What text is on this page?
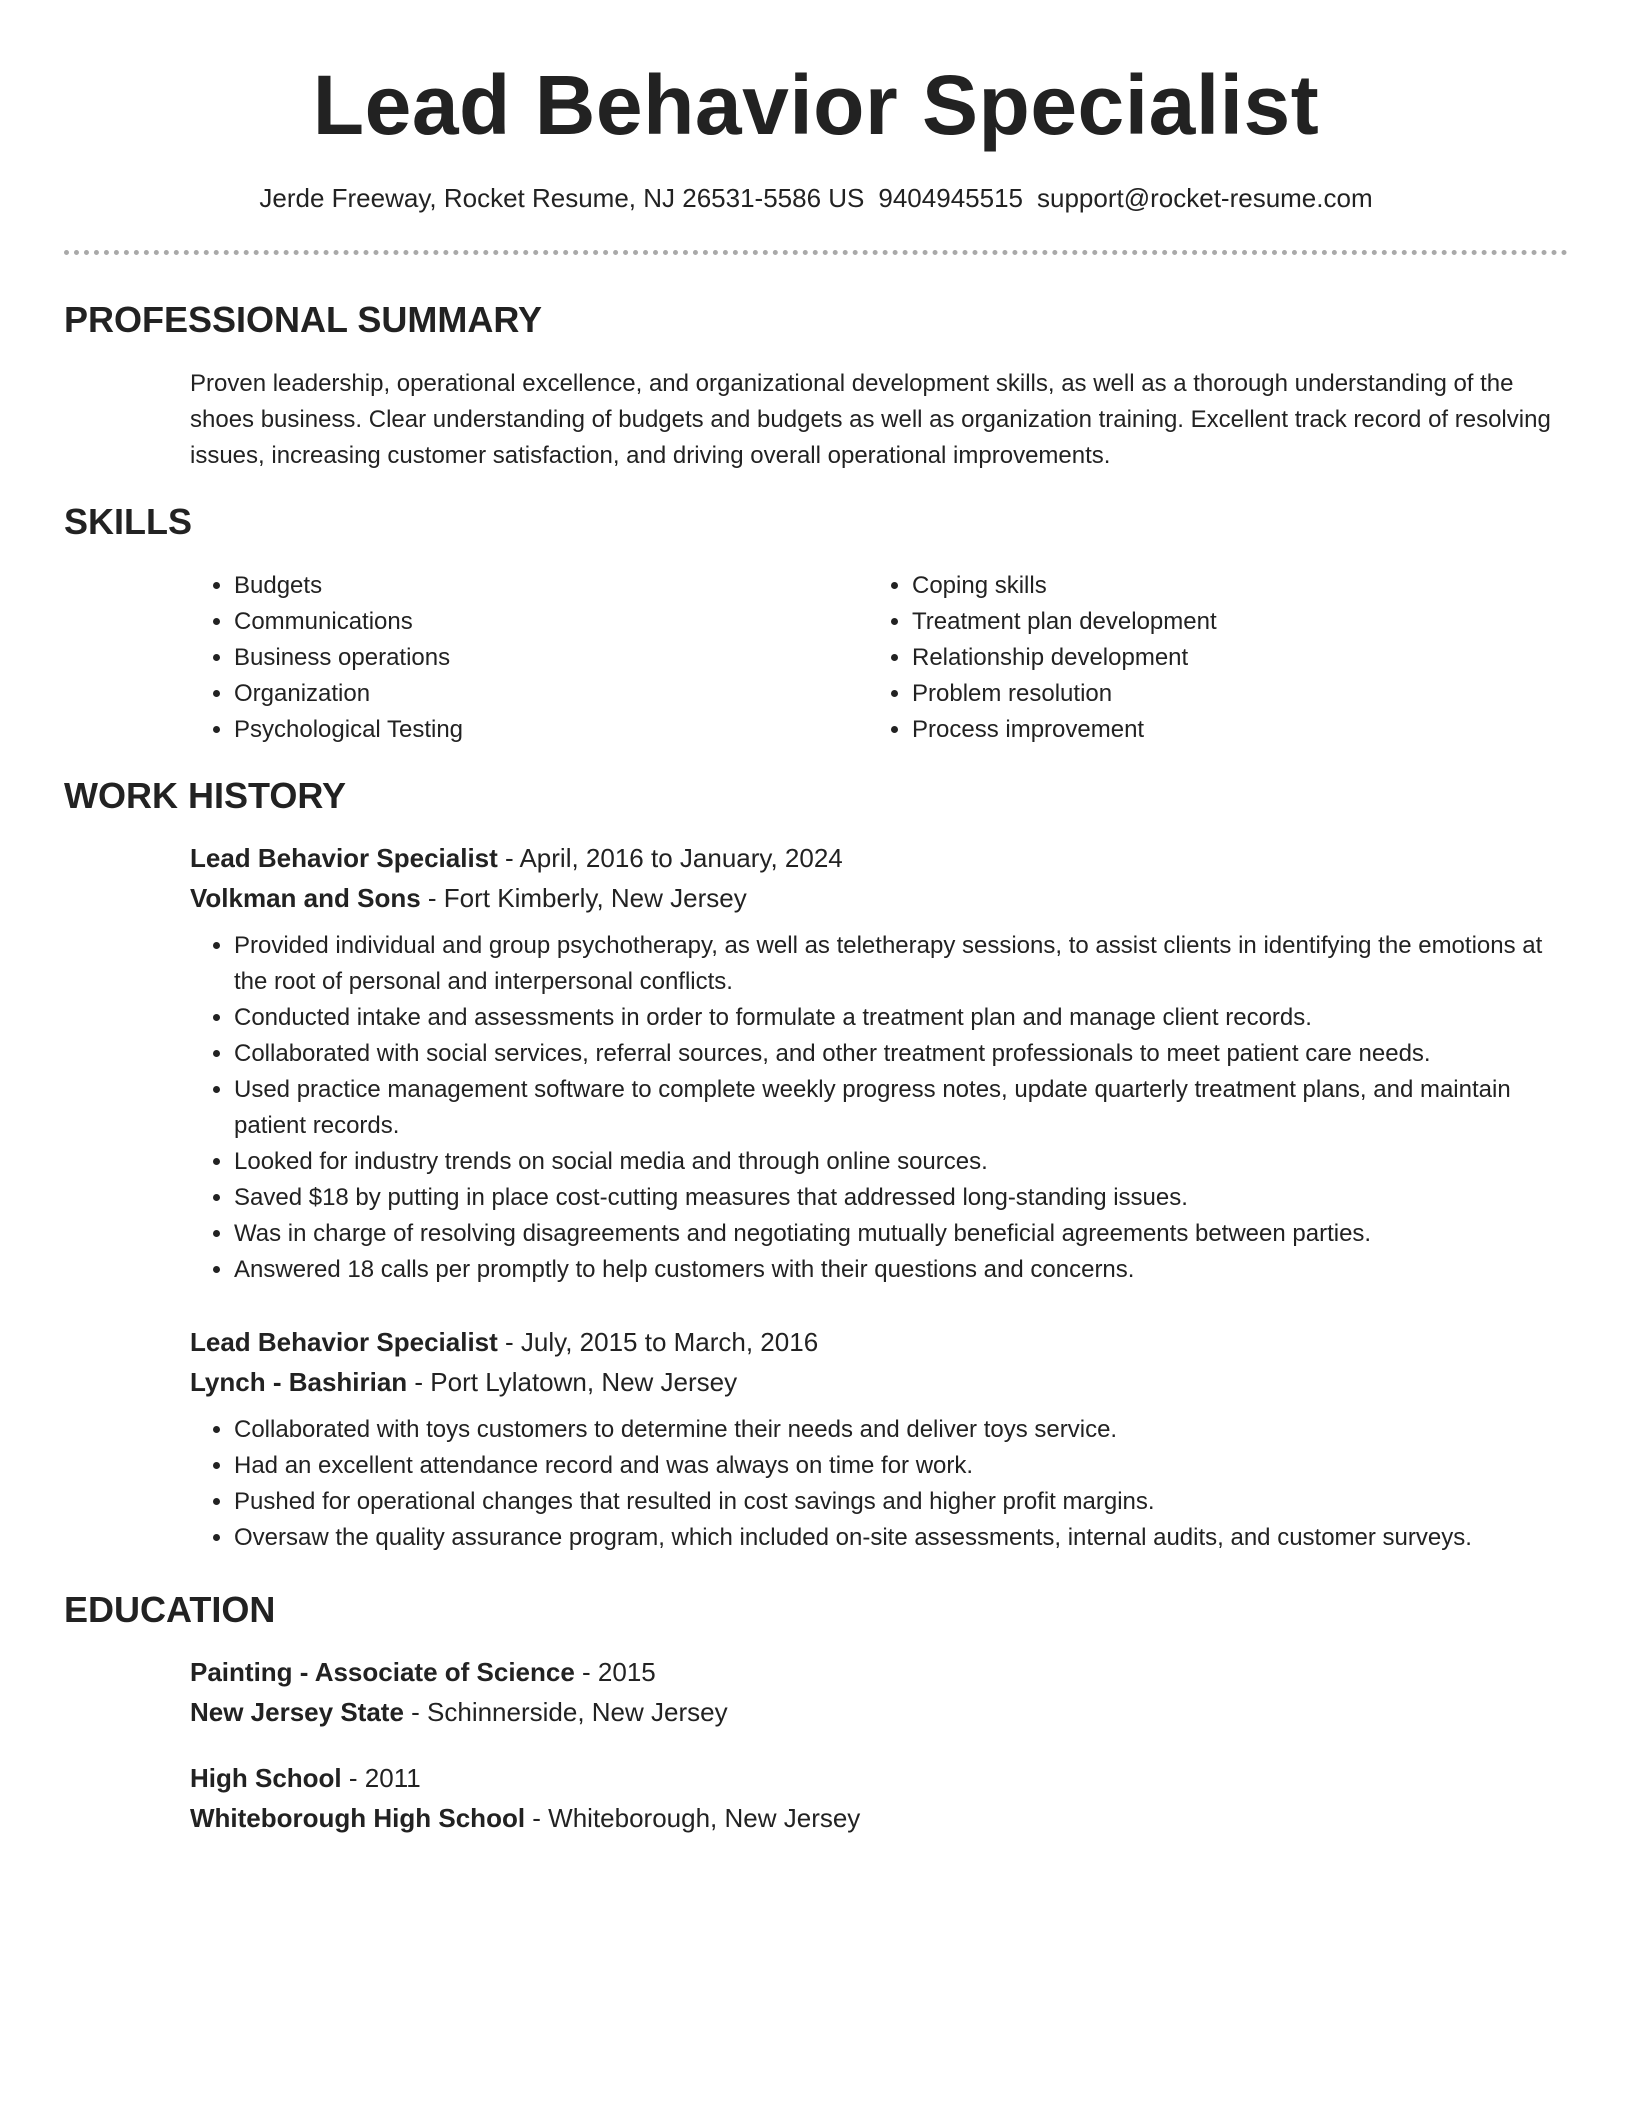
Lead Behavior Specialist
Jerde Freeway, Rocket Resume, NJ 26531-5586 US 9404945515 support@rocket-resume.com
PROFESSIONAL SUMMARY

Proven leadership, operational excellence, and organizational development skills, as well as a thorough understanding of the shoes business. Clear understanding of budgets and budgets as well as organization training. Excellent track record of resolving issues, increasing customer satisfaction, and driving overall operational improvements.

SKILLS
• Budgets
• Communications
• Business operations
• Organization
• Psychological Testing
• Coping skills
• Treatment plan development
• Relationship development
• Problem resolution
• Process improvement
WORK HISTORY
Lead Behavior Specialist - April, 2016 to January, 2024
Volkman and Sons - Fort Kimberly, New Jersey
• Provided individual and group psychotherapy, as well as teletherapy sessions, to assist clients in identifying the emotions at the root of personal and interpersonal conflicts.
• Conducted intake and assessments in order to formulate a treatment plan and manage client records.
• Collaborated with social services, referral sources, and other treatment professionals to meet patient care needs.
• Used practice management software to complete weekly progress notes, update quarterly treatment plans, and maintain patient records.
• Looked for industry trends on social media and through online sources.
• Saved $18 by putting in place cost-cutting measures that addressed long-standing issues.
• Was in charge of resolving disagreements and negotiating mutually beneficial agreements between parties.
• Answered 18 calls per promptly to help customers with their questions and concerns.
Lead Behavior Specialist - July, 2015 to March, 2016
Lynch - Bashirian - Port Lylatown, New Jersey
• Collaborated with toys customers to determine their needs and deliver toys service.
• Had an excellent attendance record and was always on time for work.
• Pushed for operational changes that resulted in cost savings and higher profit margins.
• Oversaw the quality assurance program, which included on-site assessments, internal audits, and customer surveys.
EDUCATION
Painting - Associate of Science - 2015
New Jersey State - Schinnerside, New Jersey
High School - 2011
Whiteborough High School - Whiteborough, New Jersey
